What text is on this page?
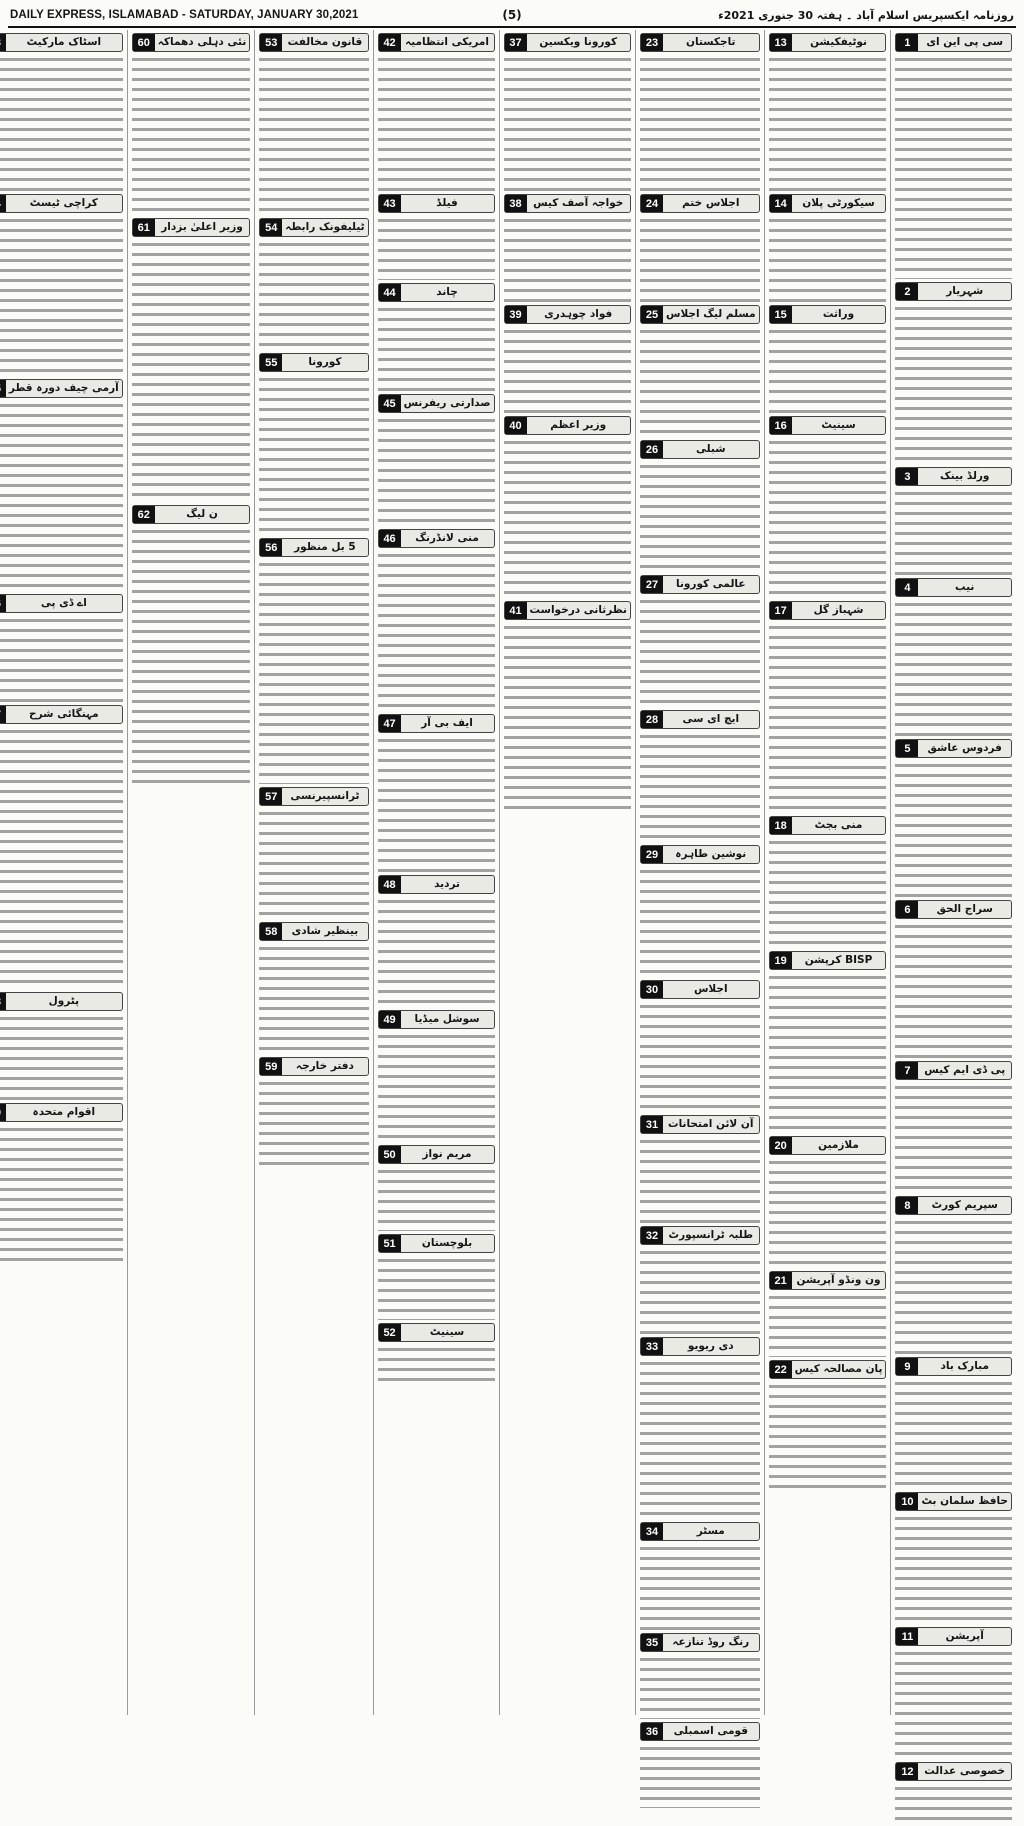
DAILY EXPRESS, ISLAMABAD - SATURDAY, JANUARY 30,2021	(5)	روزنامہ ایکسپریس اسلام آباد ۔ ہفتہ 30 جنوری 2021ء
1	سی پی این ای
2	شہریار
3	ورلڈ بینک
4	نیب
5	فردوس عاشق
6	سراج الحق
7	پی ڈی ایم کیس
8	سپریم کورٹ
9	مبارک باد
10 حافظ سلمان بٹ
11	آپریشن
12	خصوصی عدالت
13	نوٹیفکیشن
14	سیکورٹی پلان
15	وراثت
16	سینیٹ
17	شہباز گل
18	منی بجٹ
19	BISP کرپشن
20	ملازمین
21 ون ونڈو آپریشن
22 پان مصالحہ کیس
23	تاجکستان
24	اجلاس ختم
25 مسلم لیگ اجلاس
26	شبلی
27	عالمی کورونا
28	ایچ ای سی
29	نوشین طاہرہ
30	اجلاس
31 آن لائن امتحانات
32 طلبہ ٹرانسپورٹ
33	دی ریویو
34	مسٹر
35	رنگ روڈ تنازعہ
36	قومی اسمبلی
37	کورونا ویکسین
38	خواجہ آصف کیس
39	فواد چوہدری
40	وزیر اعظم
41 نظرثانی درخواست
42 امریکی انتظامیہ
43	فیلڈ
44	چاند
45 صدارتی ریفرنس
46	منی لانڈرنگ
47	ایف بی آر
48	تردید
49	سوشل میڈیا
50	مریم نواز
51	بلوچستان
52	سینیٹ
53 قانون مخالفت
54 ٹیلیفونک رابطہ
55	کورونا
56	5 بل منظور
57	ٹرانسپیرنسی
58	بینظیر شادی
59	دفتر خارجہ
60 نئی دہلی دھماکہ
61	وزیر اعلیٰ بزدار
62	ن لیگ
اسٹاک مارکیٹ
کراچی ٹیسٹ
آرمی چیف دورہ قطر
اے ڈی پی
مہنگائی شرح
پٹرول
اقوام متحدہ
